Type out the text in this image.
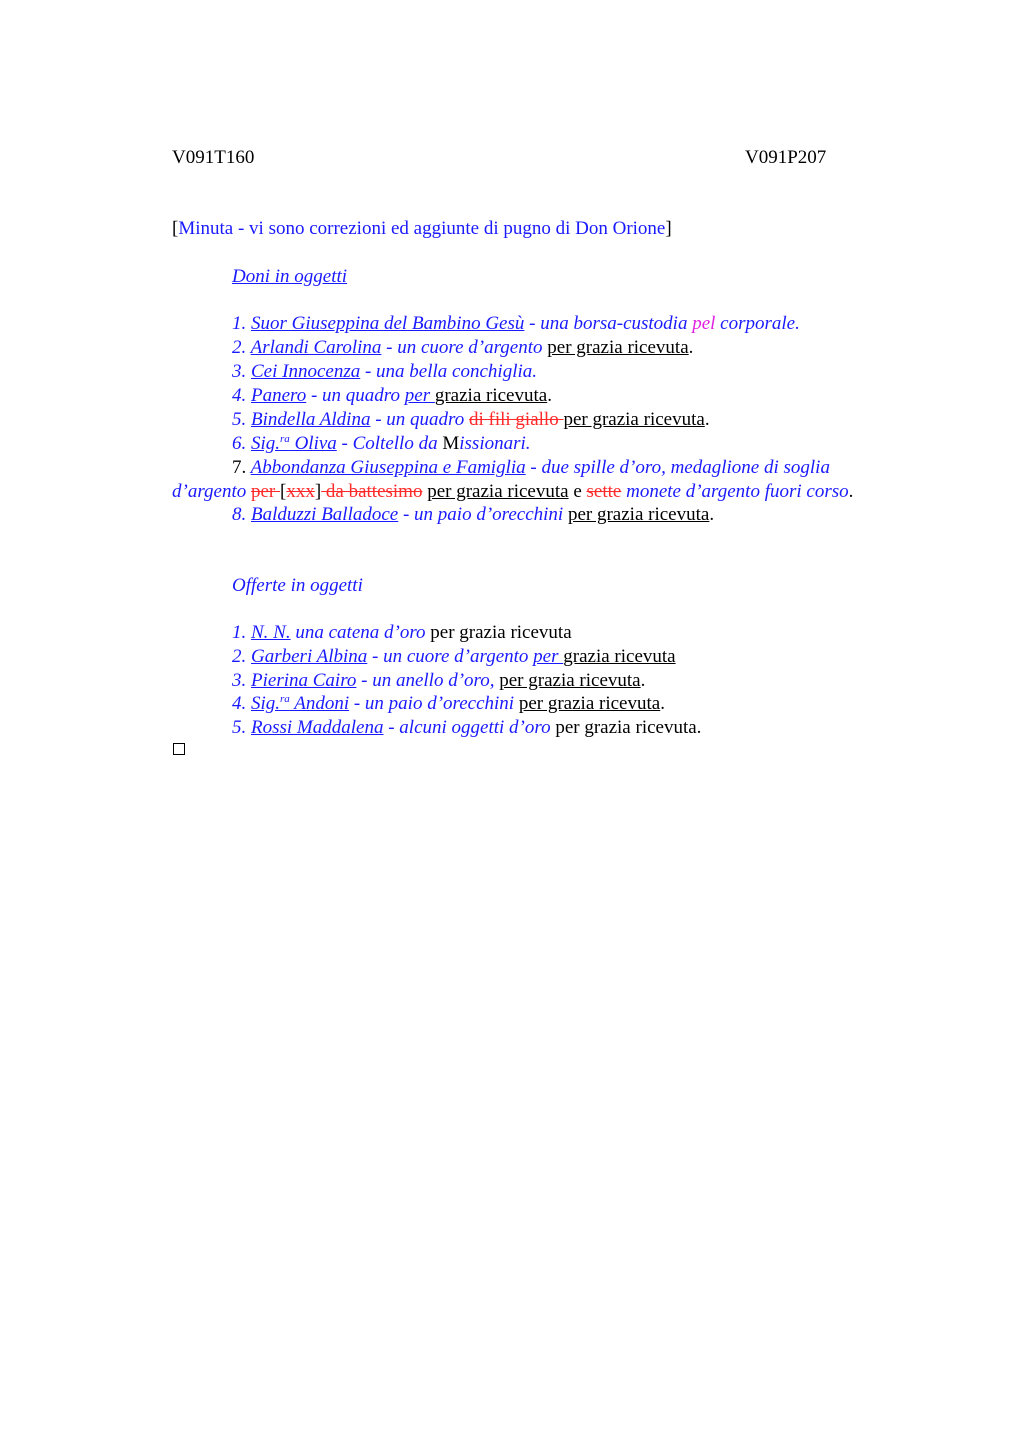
V091T160	V091P207
[Minuta - vi sono correzioni ed aggiunte di pugno di Don Orione]
Doni in oggetti
1. Suor Giuseppina del Bambino Gesù - una borsa-custodia pel corporale.
2. Arlandi Carolina - un cuore d’argento per grazia ricevuta.
3. Cei Innocenza - una bella conchiglia.
4. Panero - un quadro per grazia ricevuta.
5. Bindella Aldina - un quadro di fili giallo per grazia ricevuta.
6. Sig.$^{ra}$ Oliva - Coltello da Missionari.
7. Abbondanza Giuseppina e Famiglia - due spille d’oro, medaglione di soglia
d’argento per [xxx] da battesimo per grazia ricevuta e sette monete d’argento fuori corso.
8. Balduzzi Balladoce - un paio d’orecchini per grazia ricevuta.
Offerte in oggetti
1. N. N. una catena d’oro per grazia ricevuta
2. Garberi Albina - un cuore d’argento per grazia ricevuta
3. Pierina Cairo - un anello d’oro, per grazia ricevuta.
4. Sig.$^{ra}$ Andoni - un paio d’orecchini per grazia ricevuta.
5. Rossi Maddalena - alcuni oggetti d’oro per grazia ricevuta.
